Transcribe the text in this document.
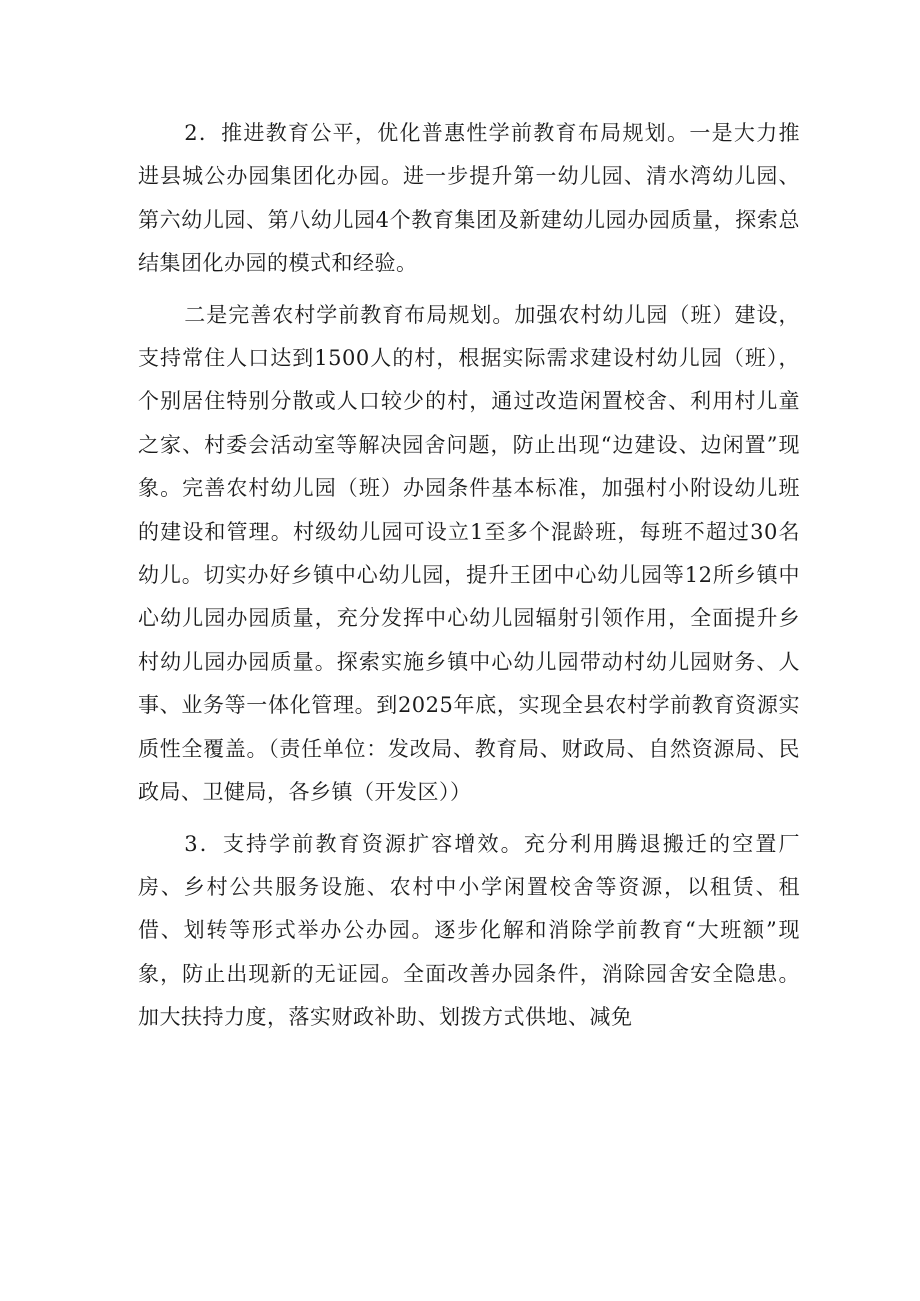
2．推进教育公平，优化普惠性学前教育布局规划。一是大力推进县城公办园集团化办园。进一步提升第一幼儿园、清水湾幼儿园、第六幼儿园、第八幼儿园4个教育集团及新建幼儿园办园质量，探索总结集团化办园的模式和经验。

二是完善农村学前教育布局规划。加强农村幼儿园（班）建设，支持常住人口达到1500人的村，根据实际需求建设村幼儿园（班），个别居住特别分散或人口较少的村，通过改造闲置校舍、利用村儿童之家、村委会活动室等解决园舍问题，防止出现“边建设、边闲置”现象。完善农村幼儿园（班）办园条件基本标准，加强村小附设幼儿班的建设和管理。村级幼儿园可设立1至多个混龄班，每班不超过30名幼儿。切实办好乡镇中心幼儿园，提升王团中心幼儿园等12所乡镇中心幼儿园办园质量，充分发挥中心幼儿园辐射引领作用，全面提升乡村幼儿园办园质量。探索实施乡镇中心幼儿园带动村幼儿园财务、人事、业务等一体化管理。到2025年底，实现全县农村学前教育资源实质性全覆盖。（责任单位：发改局、教育局、财政局、自然资源局、民政局、卫健局，各乡镇（开发区））

3．支持学前教育资源扩容增效。充分利用腾退搬迁的空置厂房、乡村公共服务设施、农村中小学闲置校舍等资源，以租赁、租借、划转等形式举办公办园。逐步化解和消除学前教育“大班额”现象，防止出现新的无证园。全面改善办园条件，消除园舍安全隐患。加大扶持力度，落实财政补助、划拨方式供地、减免
